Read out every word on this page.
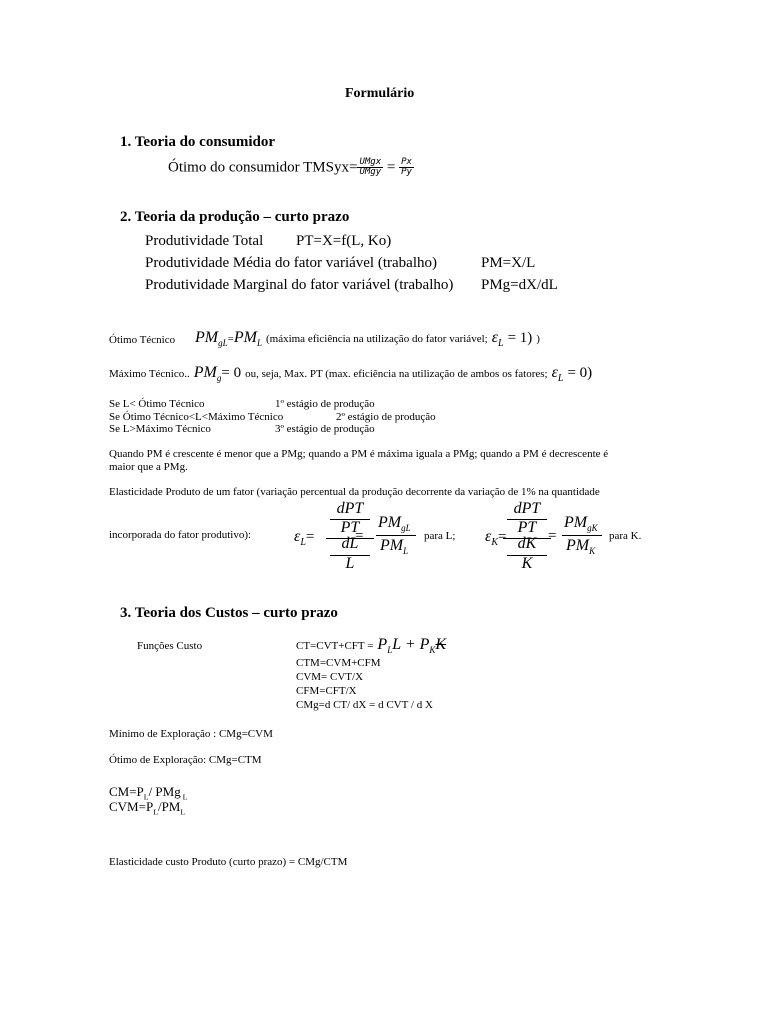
Formulário
1. Teoria do consumidor
Ótimo do consumidor TMSyx= $\frac{\text{UMgx}}{\text{UMgy}} = \frac{Px}{Py}$
2. Teoria da produção – curto prazo
Produtividade Total PT=X=f(L, Ko)
Produtividade Média do fator variável (trabalho)	PM=X/L
Produtividade Marginal do fator variável (trabalho) PMg=dX/dL
Ótimo Técnico $PM_{gL}=PM_L$ (máxima eficiência na utilização do fator variável; $\varepsilon_L = 1$) )
Máximo Técnico.. $PM_g= 0$ ou, seja, Max. PT (max. eficiência na utilização de ambos os fatores; $\varepsilon_L = 0$)
Se L< Ótimo Técnico	1º estágio de produção
Se Ótimo Técnico<L<Máximo Técnico	2º estágio de produção
Se L>Máximo Técnico	3º estágio de produção
Quando PM é crescente é menor que a PMg; quando a PM é máxima iguala a PMg; quando a PM é decrescente é
maior que a PMg.
Elasticidade Produto de um fator (variação percentual da produção decorrente da variação de 1% na quantidade
incorporada do fator produtivo):	$\varepsilon_L=$
dPT
PT
dL
L
=
$PM_{gL}$
$PM_L$
para L; $\varepsilon_K=$
dPT
PT
dK
K
=
$PM_{gK}$
$PM_K$
para K.
3. Teoria dos Custos – curto prazo
Funções Custo	$CT=CVT+CFT = P_LL + P_KK$
CTM=CVM+CFM
CVM= CVT/X
CFM=CFT/X
CMg=d CT/ dX = d CVT / d X
Mínimo de Exploração : CMg=CVM
Ótimo de Exploração: CMg=CTM
$CM=P_L/$ PMg $_L$
$CVM=P_L/PM_L$
Elasticidade custo Produto (curto prazo) = CMg/CTM
